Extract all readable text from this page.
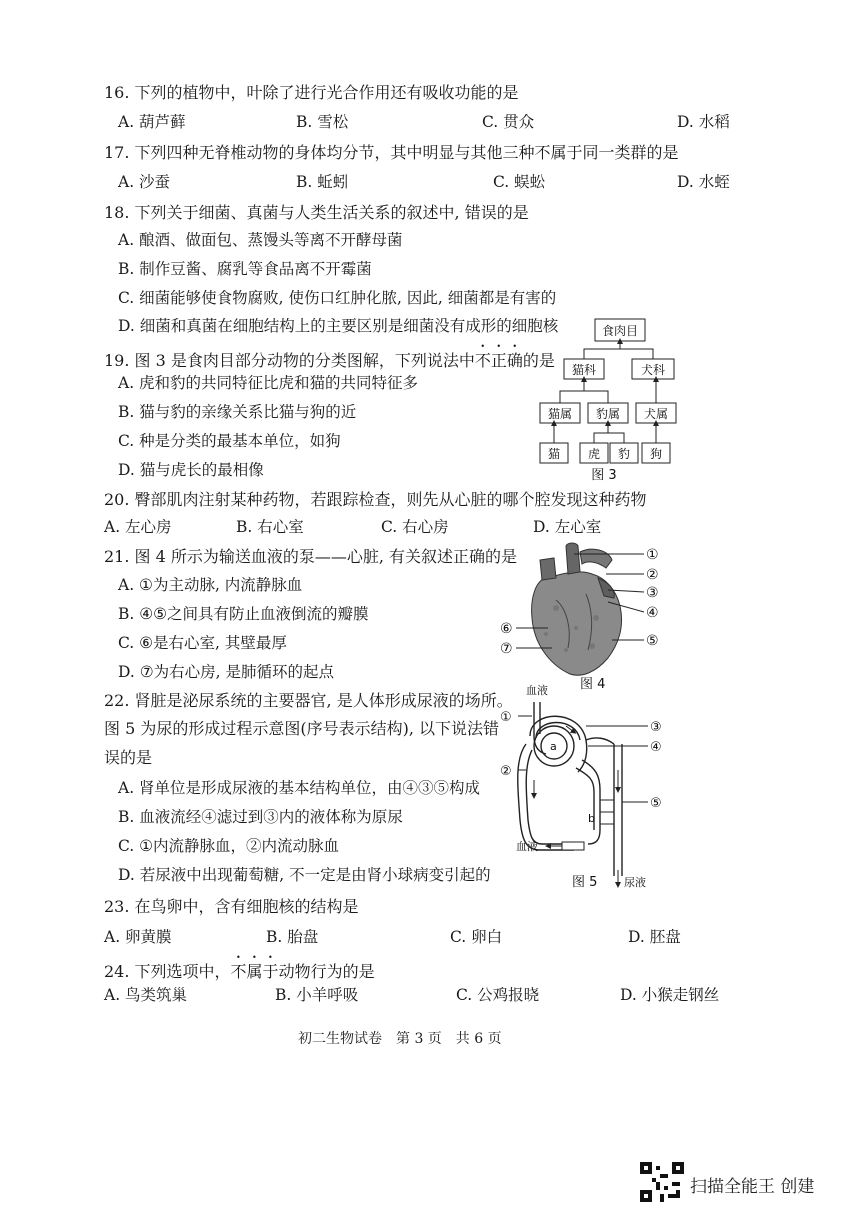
16. 下列的植物中，叶除了进行光合作用还有吸收功能的是
A. 葫芦藓	B. 雪松	C. 贯众	D. 水稻
17. 下列四种无脊椎动物的身体均分节，其中明显与其他三种不属于同一类群的是
A. 沙蚕	B. 蚯蚓	C. 蜈蚣	D. 水蛭
18. 下列关于细菌、真菌与人类生活关系的叙述中, 错误的是
A. 酿酒、做面包、蒸馒头等离不开酵母菌
B. 制作豆酱、腐乳等食品离不开霉菌
C. 细菌能够使食物腐败, 使伤口红肿化脓, 因此, 细菌都是有害的
D. 细菌和真菌在细胞结构上的主要区别是细菌没有成形的细胞核
19. 图 3 是食肉目部分动物的分类图解，下列说法中不正确的是
A. 虎和豹的共同特征比虎和猫的共同特征多
B. 猫与豹的亲缘关系比猫与狗的近
C. 种是分类的最基本单位，如狗
D. 猫与虎长的最相像
食肉目
猫科	犬科
猫属 豹属 犬属
猫 虎 豹 狗
图 3
20. 臀部肌肉注射某种药物，若跟踪检查，则先从心脏的哪个腔发现这种药物
A. 左心房	B. 右心室	C. 右心房	D. 左心室
21. 图 4 所示为输送血液的泵——心脏, 有关叙述正确的是
A. ①为主动脉, 内流静脉血
B. ④⑤之间具有防止血液倒流的瓣膜
C. ⑥是右心室, 其壁最厚
D. ⑦为右心房, 是肺循环的起点
①
②
③
④
⑤
⑥
⑦
图 4
22. 肾脏是泌尿系统的主要器官, 是人体形成尿液的场所。
图 5 为尿的形成过程示意图(序号表示结构), 以下说法错
误的是
A. 肾单位是形成尿液的基本结构单位，由④③⑤构成
B. 血液流经④滤过到③内的液体称为原尿
C. ①内流静脉血，②内流动脉血
D. 若尿液中出现葡萄糖, 不一定是由肾小球病变引起的
血液
①
②
③
④
⑤
a
b
血液
尿液
图 5
23. 在鸟卵中，含有细胞核的结构是
A. 卵黄膜	B. 胎盘	C. 卵白	D. 胚盘
24. 下列选项中，不属于动物行为的是
A. 鸟类筑巢	B. 小羊呼吸	C. 公鸡报晓	D. 小猴走钢丝
初二生物试卷　第 3 页　共 6 页
扫描全能王 创建
